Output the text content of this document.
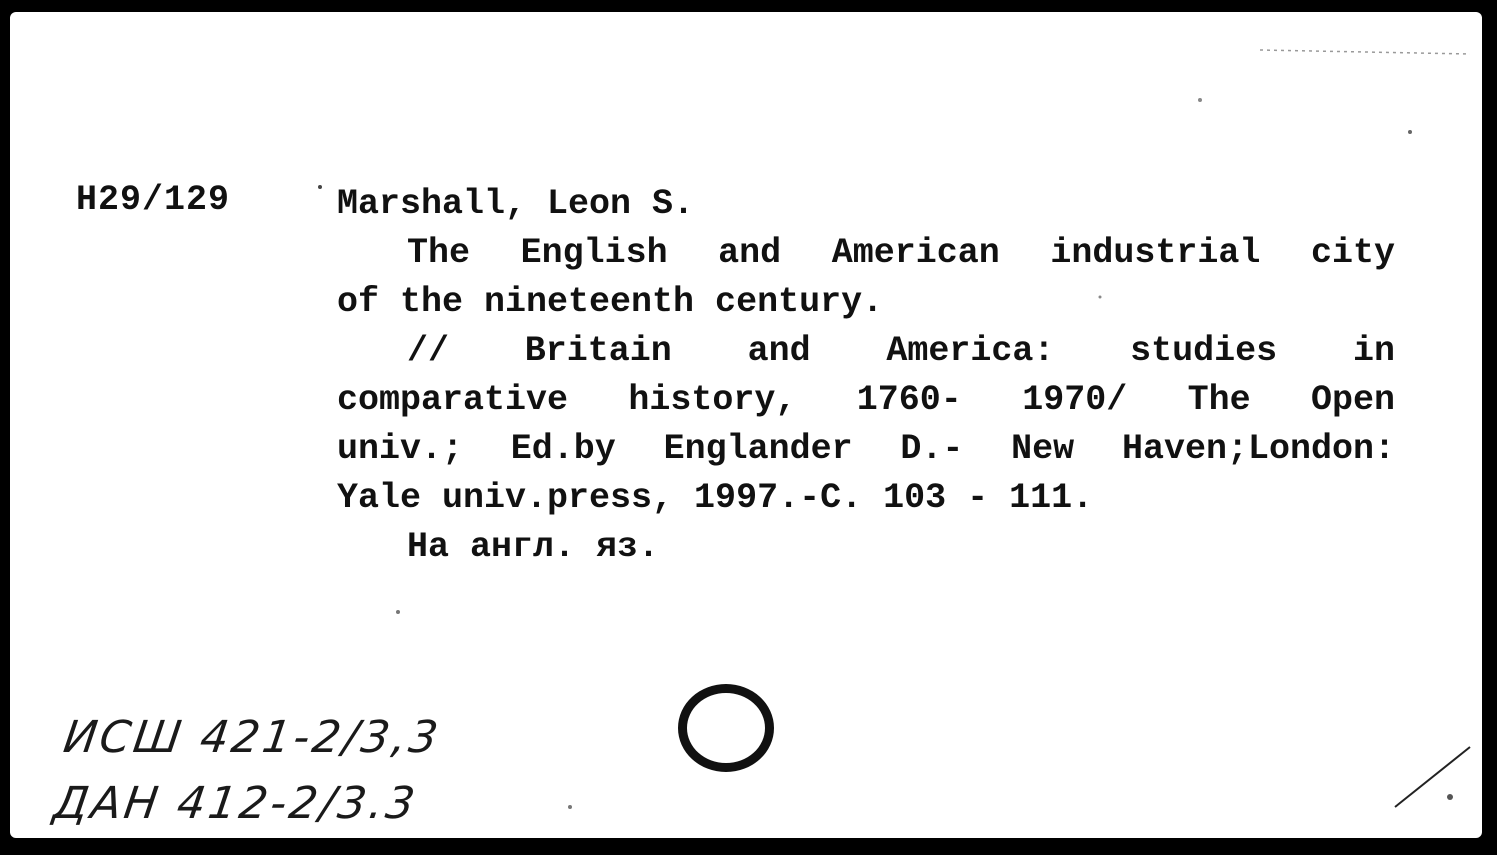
H29/129	Marshall, Leon S.
The English and American industrial city
of the nineteenth century.
// Britain and America: studies in
comparative history, 1760- 1970/ The Open
univ.; Ed.by Englander D.- New Haven;London:
Yale univ.press, 1997.-C. 103 - 111.
На англ. яз.
ИСШ 421-2/3,3
ДАН 412-2/3.3
